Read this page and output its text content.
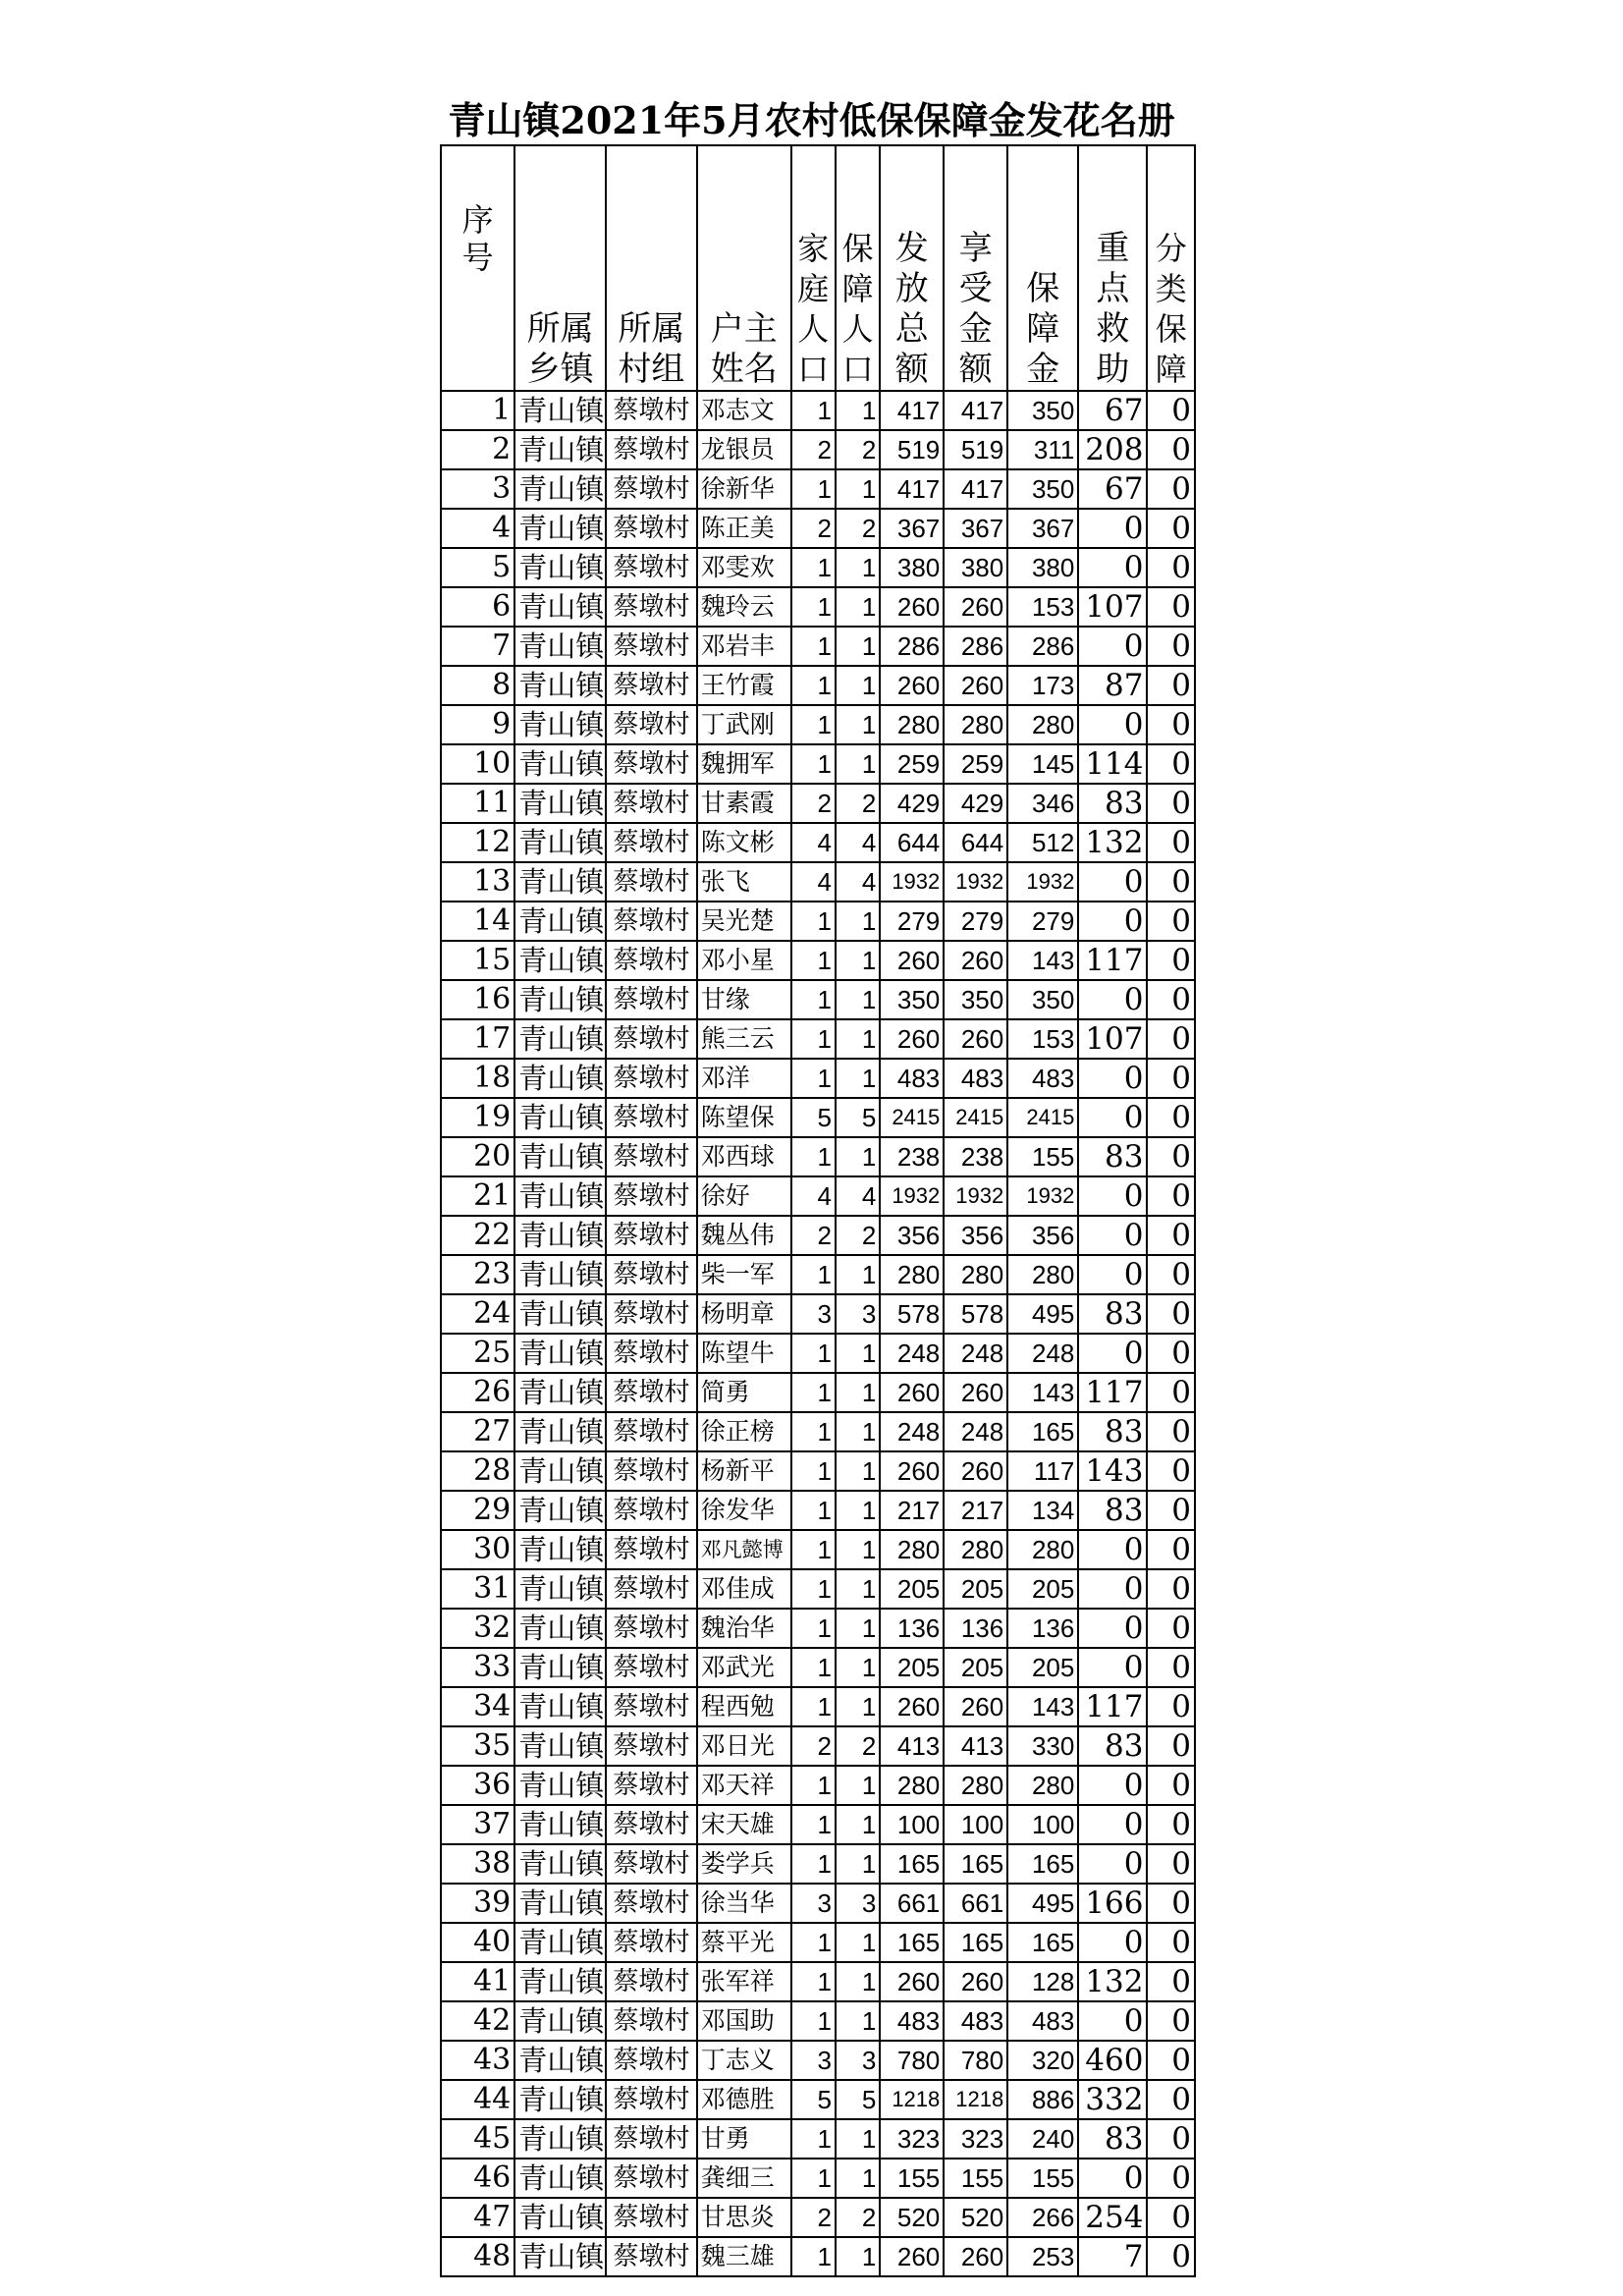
青山镇2021年5月农村低保保障金发花名册
序号	所属乡镇	所属村组	户主姓名	家庭人口	保障人口	发放总额	享受金额	保障金	重点救助	分类保障
1	青山镇	蔡墩村	邓志文	1	1	417	417	350	67	0
2	青山镇	蔡墩村	龙银员	2	2	519	519	311	208	0
3	青山镇	蔡墩村	徐新华	1	1	417	417	350	67	0
4	青山镇	蔡墩村	陈正美	2	2	367	367	367	0	0
5	青山镇	蔡墩村	邓雯欢	1	1	380	380	380	0	0
6	青山镇	蔡墩村	魏玲云	1	1	260	260	153	107	0
7	青山镇	蔡墩村	邓岩丰	1	1	286	286	286	0	0
8	青山镇	蔡墩村	王竹霞	1	1	260	260	173	87	0
9	青山镇	蔡墩村	丁武刚	1	1	280	280	280	0	0
10	青山镇	蔡墩村	魏拥军	1	1	259	259	145	114	0
11	青山镇	蔡墩村	甘素霞	2	2	429	429	346	83	0
12	青山镇	蔡墩村	陈文彬	4	4	644	644	512	132	0
13	青山镇	蔡墩村	张飞	4	4	1932	1932	1932	0	0
14	青山镇	蔡墩村	吴光楚	1	1	279	279	279	0	0
15	青山镇	蔡墩村	邓小星	1	1	260	260	143	117	0
16	青山镇	蔡墩村	甘缘	1	1	350	350	350	0	0
17	青山镇	蔡墩村	熊三云	1	1	260	260	153	107	0
18	青山镇	蔡墩村	邓洋	1	1	483	483	483	0	0
19	青山镇	蔡墩村	陈望保	5	5	2415	2415	2415	0	0
20	青山镇	蔡墩村	邓西球	1	1	238	238	155	83	0
21	青山镇	蔡墩村	徐好	4	4	1932	1932	1932	0	0
22	青山镇	蔡墩村	魏丛伟	2	2	356	356	356	0	0
23	青山镇	蔡墩村	柴一军	1	1	280	280	280	0	0
24	青山镇	蔡墩村	杨明章	3	3	578	578	495	83	0
25	青山镇	蔡墩村	陈望牛	1	1	248	248	248	0	0
26	青山镇	蔡墩村	简勇	1	1	260	260	143	117	0
27	青山镇	蔡墩村	徐正榜	1	1	248	248	165	83	0
28	青山镇	蔡墩村	杨新平	1	1	260	260	117	143	0
29	青山镇	蔡墩村	徐发华	1	1	217	217	134	83	0
30	青山镇	蔡墩村	邓凡懿博	1	1	280	280	280	0	0
31	青山镇	蔡墩村	邓佳成	1	1	205	205	205	0	0
32	青山镇	蔡墩村	魏治华	1	1	136	136	136	0	0
33	青山镇	蔡墩村	邓武光	1	1	205	205	205	0	0
34	青山镇	蔡墩村	程西勉	1	1	260	260	143	117	0
35	青山镇	蔡墩村	邓日光	2	2	413	413	330	83	0
36	青山镇	蔡墩村	邓天祥	1	1	280	280	280	0	0
37	青山镇	蔡墩村	宋天雄	1	1	100	100	100	0	0
38	青山镇	蔡墩村	娄学兵	1	1	165	165	165	0	0
39	青山镇	蔡墩村	徐当华	3	3	661	661	495	166	0
40	青山镇	蔡墩村	蔡平光	1	1	165	165	165	0	0
41	青山镇	蔡墩村	张军祥	1	1	260	260	128	132	0
42	青山镇	蔡墩村	邓国助	1	1	483	483	483	0	0
43	青山镇	蔡墩村	丁志义	3	3	780	780	320	460	0
44	青山镇	蔡墩村	邓德胜	5	5	1218	1218	886	332	0
45	青山镇	蔡墩村	甘勇	1	1	323	323	240	83	0
46	青山镇	蔡墩村	龚细三	1	1	155	155	155	0	0
47	青山镇	蔡墩村	甘思炎	2	2	520	520	266	254	0
48	青山镇	蔡墩村	魏三雄	1	1	260	260	253	7	0
